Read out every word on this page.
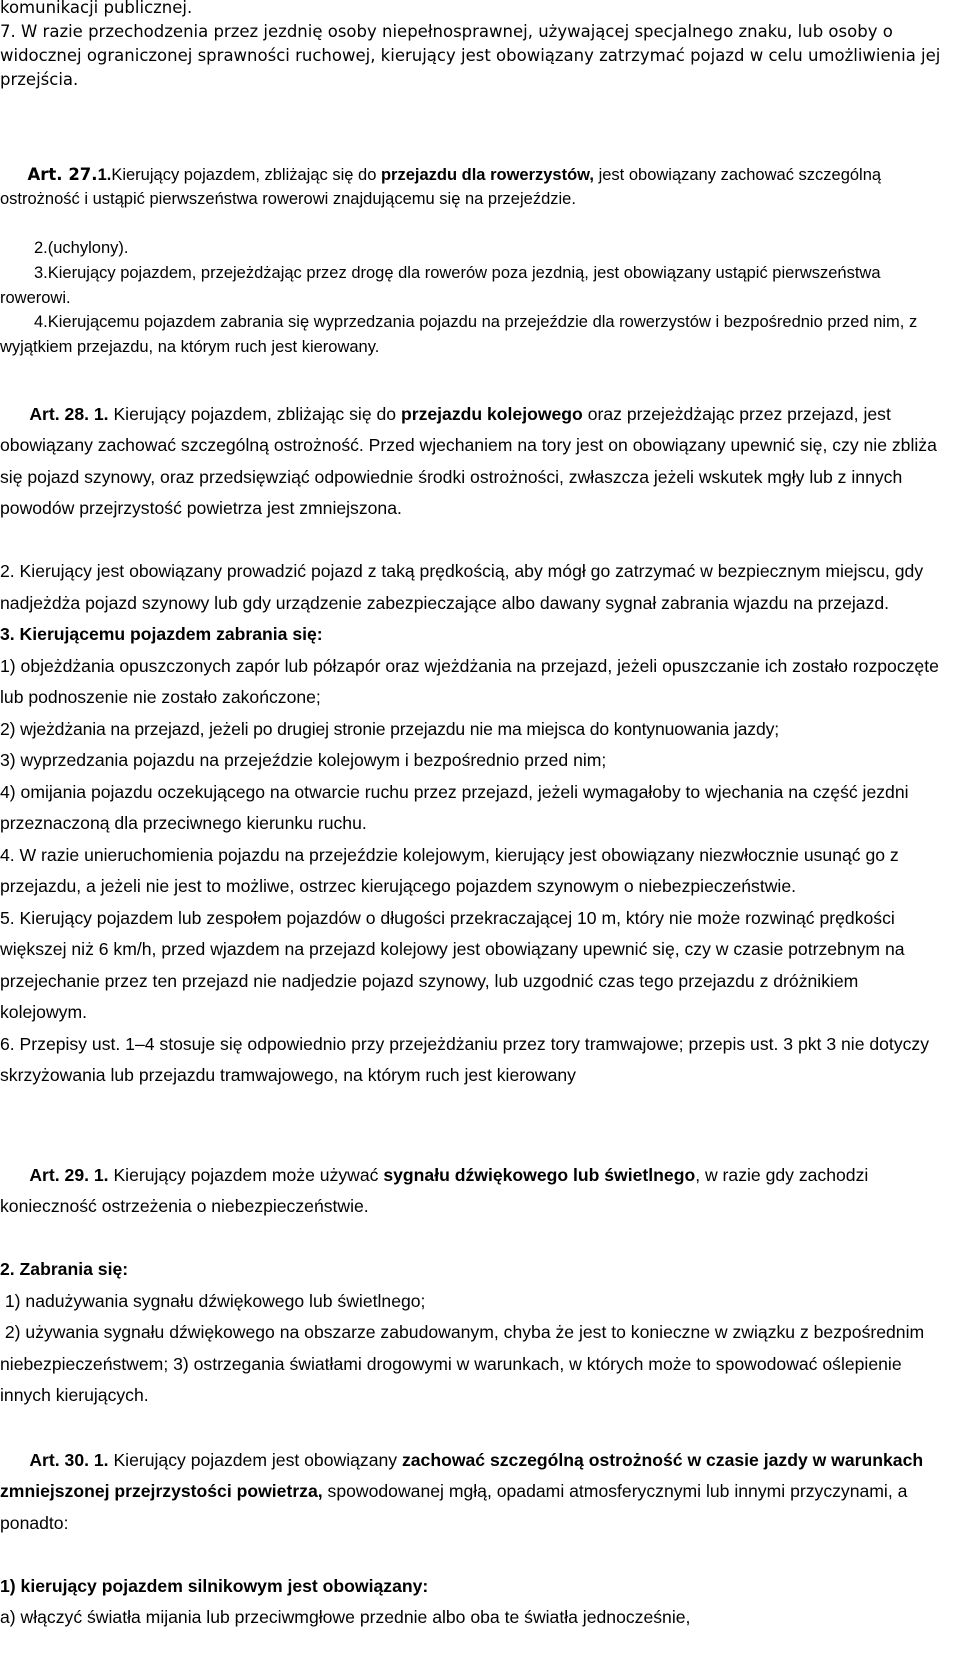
komunikacji publicznej.

7. W razie przechodzenia przez jezdnię osoby niepełnosprawnej, używającej specjalnego znaku, lub osoby o widocznej ograniczonej sprawności ruchowej, kierujący jest obowiązany zatrzymać pojazd w celu umożliwienia jej przejścia.

Art. 27.1.Kierujący pojazdem, zbliżając się do przejazdu dla rowerzystów, jest obowiązany zachować szczególną ostrożność i ustąpić pierwszeństwa rowerowi znajdującemu się na przejeździe.

2.(uchylony).

3.Kierujący pojazdem, przejeżdżając przez drogę dla rowerów poza jezdnią, jest obowiązany ustąpić pierwszeństwa rowerowi.

4.Kierującemu pojazdem zabrania się wyprzedzania pojazdu na przejeździe dla rowerzystów i bezpośrednio przed nim, z wyjątkiem przejazdu, na którym ruch jest kierowany.

Art. 28. 1. Kierujący pojazdem, zbliżając się do przejazdu kolejowego oraz przejeżdżając przez przejazd, jest obowiązany zachować szczególną ostrożność. Przed wjechaniem na tory jest on obowiązany upewnić się, czy nie zbliża się pojazd szynowy, oraz przedsięwziąć odpowiednie środki ostrożności, zwłaszcza jeżeli wskutek mgły lub z innych powodów przejrzystość powietrza jest zmniejszona.

2. Kierujący jest obowiązany prowadzić pojazd z taką prędkością, aby mógł go zatrzymać w bezpiecznym miejscu, gdy nadjeżdża pojazd szynowy lub gdy urządzenie zabezpieczające albo dawany sygnał zabrania wjazdu na przejazd.

3. Kierującemu pojazdem zabrania się:

1) objeżdżania opuszczonych zapór lub półzapór oraz wjeżdżania na przejazd, jeżeli opuszczanie ich zostało rozpoczęte lub podnoszenie nie zostało zakończone;

2) wjeżdżania na przejazd, jeżeli po drugiej stronie przejazdu nie ma miejsca do kontynuowania jazdy;

3) wyprzedzania pojazdu na przejeździe kolejowym i bezpośrednio przed nim;

4) omijania pojazdu oczekującego na otwarcie ruchu przez przejazd, jeżeli wymagałoby to wjechania na część jezdni przeznaczoną dla przeciwnego kierunku ruchu.

4. W razie unieruchomienia pojazdu na przejeździe kolejowym, kierujący jest obowiązany niezwłocznie usunąć go z przejazdu, a jeżeli nie jest to możliwe, ostrzec kierującego pojazdem szynowym o niebezpieczeństwie.

5. Kierujący pojazdem lub zespołem pojazdów o długości przekraczającej 10 m, który nie może rozwinąć prędkości większej niż 6 km/h, przed wjazdem na przejazd kolejowy jest obowiązany upewnić się, czy w czasie potrzebnym na przejechanie przez ten przejazd nie nadjedzie pojazd szynowy, lub uzgodnić czas tego przejazdu z dróżnikiem kolejowym.

6. Przepisy ust. 1–4 stosuje się odpowiednio przy przejeżdżaniu przez tory tramwajowe; przepis ust. 3 pkt 3 nie dotyczy skrzyżowania lub przejazdu tramwajowego, na którym ruch jest kierowany

Art. 29. 1. Kierujący pojazdem może używać sygnału dźwiękowego lub świetlnego, w razie gdy zachodzi konieczność ostrzeżenia o niebezpieczeństwie.

2. Zabrania się:

1) nadużywania sygnału dźwiękowego lub świetlnego;

2) używania sygnału dźwiękowego na obszarze zabudowanym, chyba że jest to konieczne w związku z bezpośrednim niebezpieczeństwem; 3) ostrzegania światłami drogowymi w warunkach, w których może to spowodować oślepienie innych kierujących.

Art. 30. 1. Kierujący pojazdem jest obowiązany zachować szczególną ostrożność w czasie jazdy w warunkach zmniejszonej przejrzystości powietrza, spowodowanej mgłą, opadami atmosferycznymi lub innymi przyczynami, a ponadto:

1) kierujący pojazdem silnikowym jest obowiązany:

a) włączyć światła mijania lub przeciwmgłowe przednie albo oba te światła jednocześnie,
